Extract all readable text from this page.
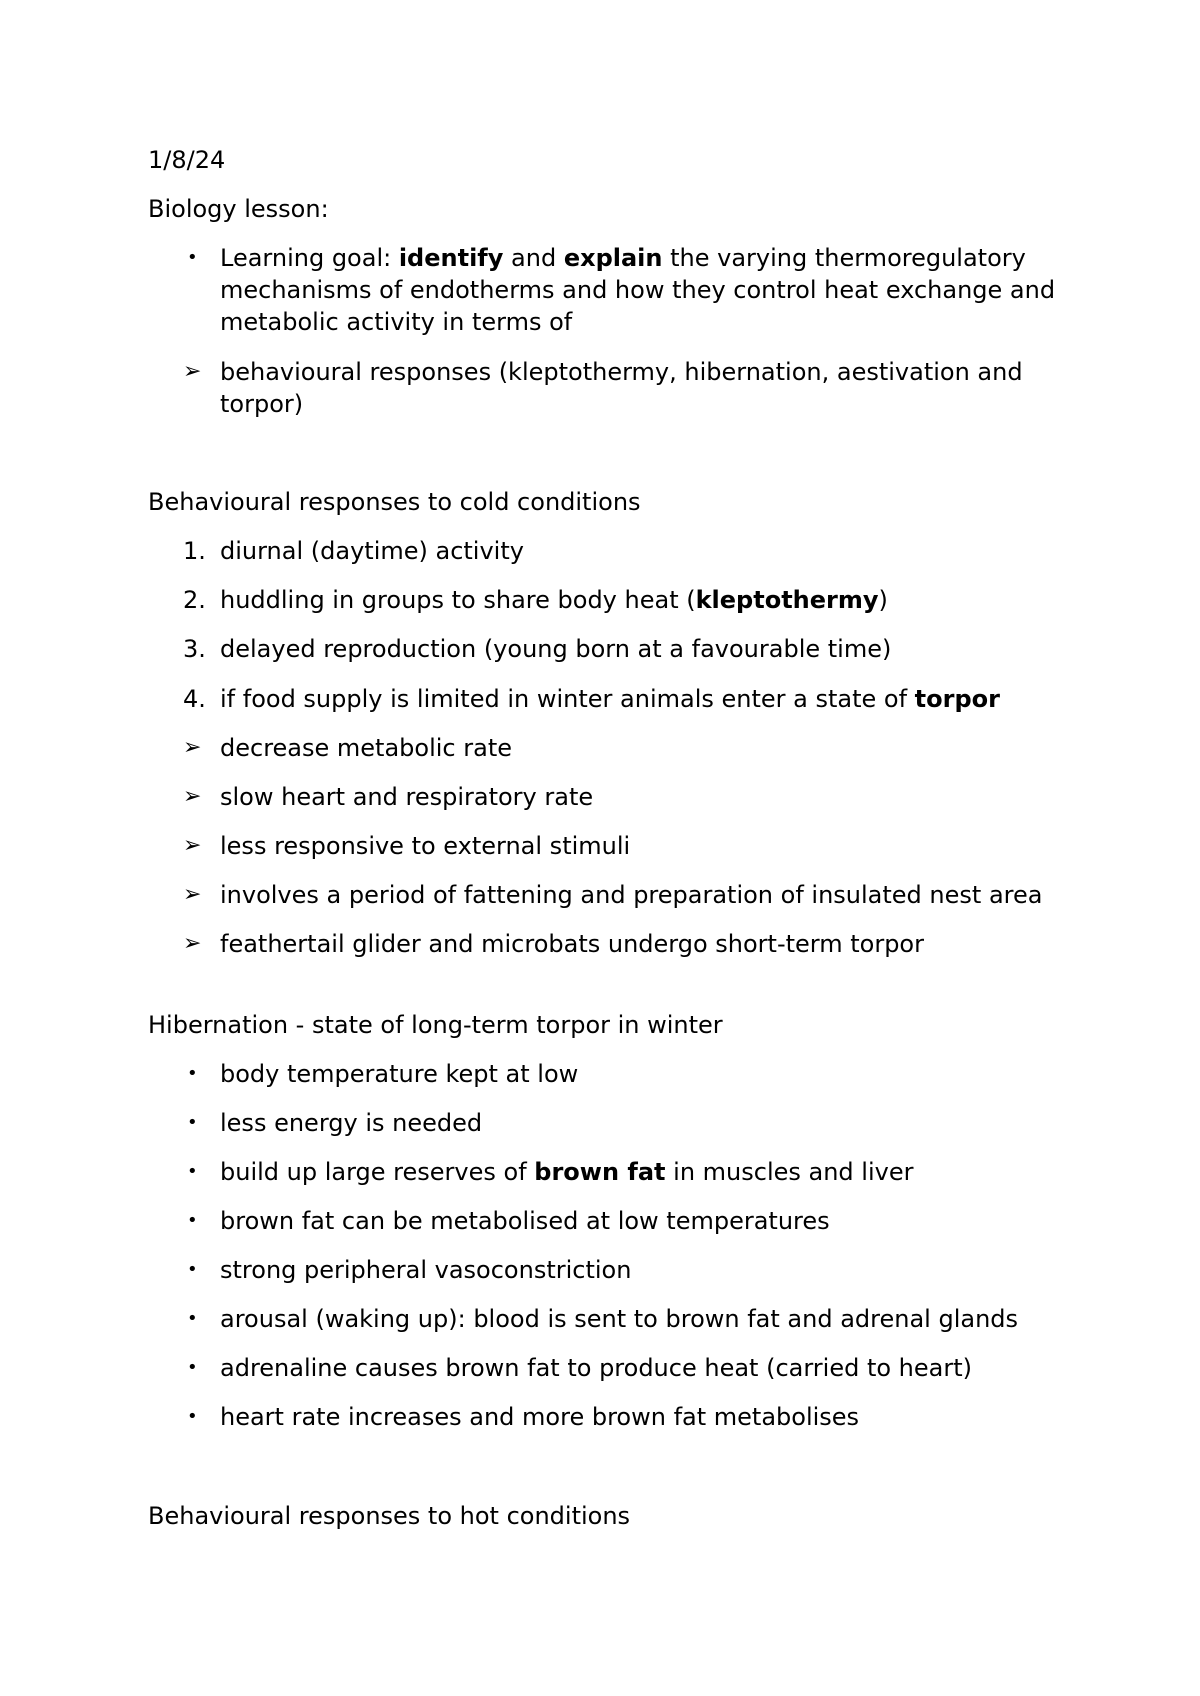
1/8/24

Biology lesson:

• Learning goal: identify and explain the varying thermoregulatory mechanisms of endotherms and how they control heat exchange and metabolic activity in terms of
➢ behavioural responses (kleptothermy, hibernation, aestivation and torpor)

Behavioural responses to cold conditions

1. diurnal (daytime) activity
2. huddling in groups to share body heat (kleptothermy)
3. delayed reproduction (young born at a favourable time)
4. if food supply is limited in winter animals enter a state of torpor
➢ decrease metabolic rate
➢ slow heart and respiratory rate
➢ less responsive to external stimuli
➢ involves a period of fattening and preparation of insulated nest area
➢ feathertail glider and microbats undergo short-term torpor

Hibernation - state of long-term torpor in winter

• body temperature kept at low
• less energy is needed
• build up large reserves of brown fat in muscles and liver
• brown fat can be metabolised at low temperatures
• strong peripheral vasoconstriction
• arousal (waking up): blood is sent to brown fat and adrenal glands
• adrenaline causes brown fat to produce heat (carried to heart)
• heart rate increases and more brown fat metabolises

Behavioural responses to hot conditions
